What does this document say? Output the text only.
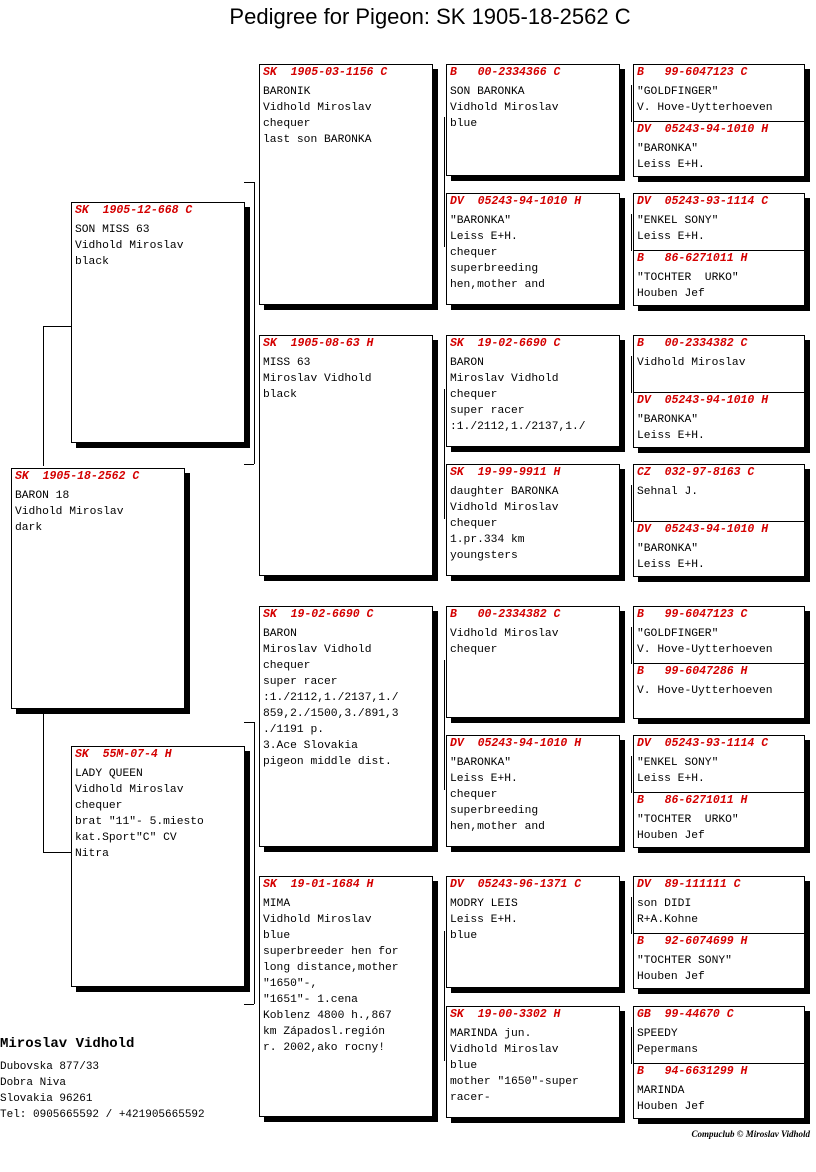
Pedigree for Pigeon: SK 1905-18-2562 C
SK  1905-18-2562 C
BARON 18
Vidhold Miroslav
dark
SK  1905-12-668 C
SON MISS 63
Vidhold Miroslav
black
SK  55M-07-4 H
LADY QUEEN
Vidhold Miroslav
chequer
brat "11"- 5.miesto
kat.Sport"C" CV
Nitra
SK  1905-03-1156 C
BARONIK
Vidhold Miroslav
chequer
last son BARONKA
SK  1905-08-63 H
MISS 63
Miroslav Vidhold
black
SK  19-02-6690 C
BARON
Miroslav Vidhold
chequer
super racer
:1./2112,1./2137,1./
859,2./1500,3./891,3
./1191 p.
3.Ace Slovakia
pigeon middle dist.
SK  19-01-1684 H
MIMA
Vidhold Miroslav
blue
superbreeder hen for
long distance,mother
"1650"-,
"1651"- 1.cena
Koblenz 4800 h.,867
km Západosl.región
r. 2002,ako rocny!
B   00-2334366 C
SON BARONKA
Vidhold Miroslav
blue
DV  05243-94-1010 H
"BARONKA"
Leiss E+H.
chequer
superbreeding
hen,mother and
SK  19-02-6690 C
BARON
Miroslav Vidhold
chequer
super racer
:1./2112,1./2137,1./
SK  19-99-9911 H
daughter BARONKA
Vidhold Miroslav
chequer
1.pr.334 km
youngsters
B   00-2334382 C
Vidhold Miroslav
chequer
DV  05243-94-1010 H
"BARONKA"
Leiss E+H.
chequer
superbreeding
hen,mother and
DV  05243-96-1371 C
MODRY LEIS
Leiss E+H.
blue
SK  19-00-3302 H
MARINDA jun.
Vidhold Miroslav
blue
mother "1650"-super
racer-
B   99-6047123 C
"GOLDFINGER"
V. Hove-Uytterhoeven
DV  05243-94-1010 H
"BARONKA"
Leiss E+H.
DV  05243-93-1114 C
"ENKEL SONY"
Leiss E+H.
B   86-6271011 H
"TOCHTER  URKO"
Houben Jef
B   00-2334382 C
Vidhold Miroslav
DV  05243-94-1010 H
"BARONKA"
Leiss E+H.
CZ  032-97-8163 C
Sehnal J.
DV  05243-94-1010 H
"BARONKA"
Leiss E+H.
B   99-6047123 C
"GOLDFINGER"
V. Hove-Uytterhoeven
B   99-6047286 H
V. Hove-Uytterhoeven
DV  05243-93-1114 C
"ENKEL SONY"
Leiss E+H.
B   86-6271011 H
"TOCHTER  URKO"
Houben Jef
DV  89-111111 C
son DIDI
R+A.Kohne
B   92-6074699 H
"TOCHTER SONY"
Houben Jef
GB  99-44670 C
SPEEDY
Pepermans
B   94-6631299 H
MARINDA
Houben Jef
Miroslav Vidhold
Dubovska 877/33
Dobra Niva
Slovakia 96261
Tel: 0905665592 / +421905665592
Compuclub © Miroslav Vidhold
